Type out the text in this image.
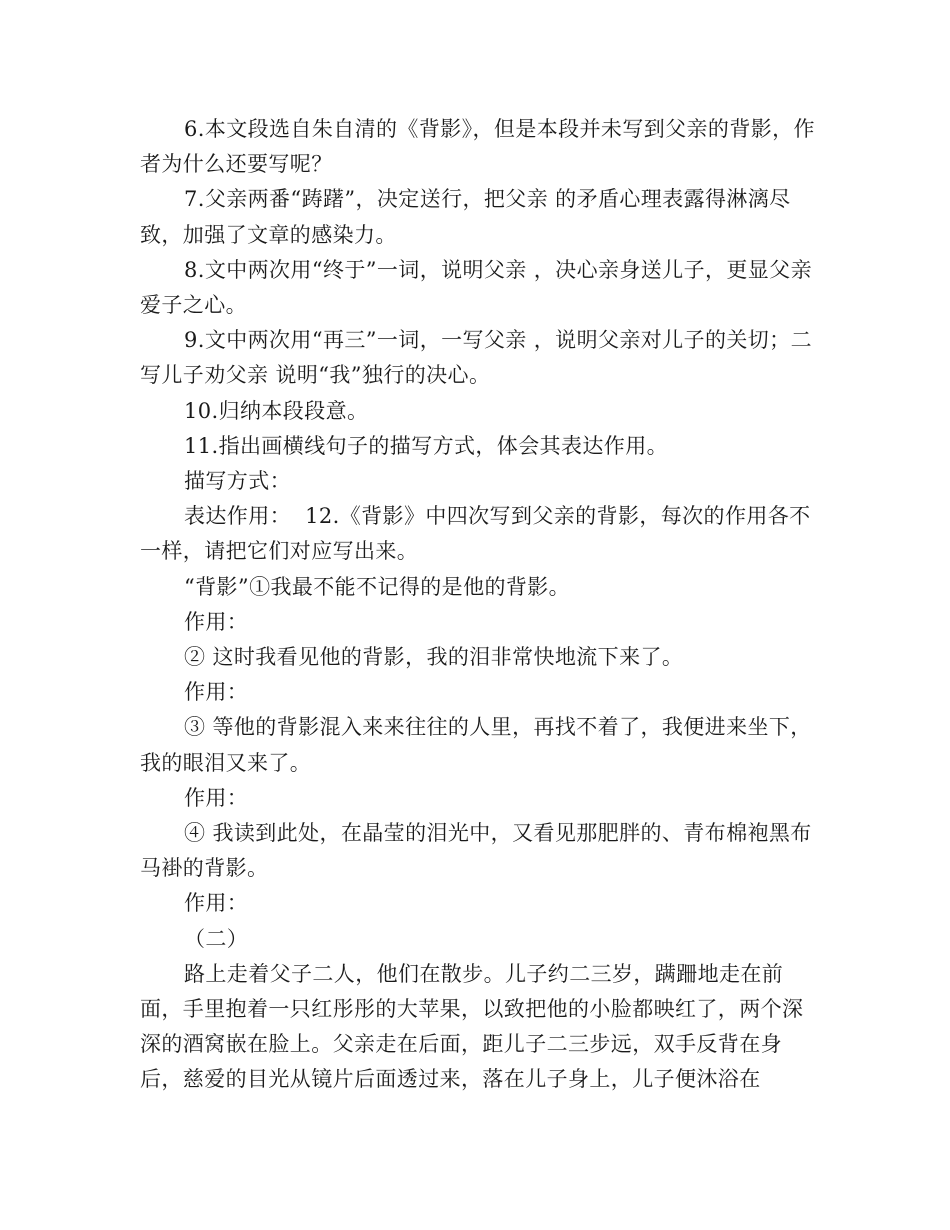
6.本文段选自朱自清的《背影》，但是本段并未写到父亲的背影，作者为什么还要写呢？

7.父亲两番“踌躇”，决定送行，把父亲 的矛盾心理表露得淋漓尽致，加强了文章的感染力。

8.文中两次用“终于”一词，说明父亲 ，决心亲身送儿子，更显父亲爱子之心。

9.文中两次用“再三”一词，一写父亲 ，说明父亲对儿子的关切；二写儿子劝父亲 说明“我”独行的决心。

10.归纳本段段意。

11.指出画横线句子的描写方式，体会其表达作用。

描写方式：

表达作用：  12.《背影》中四次写到父亲的背影，每次的作用各不一样，请把它们对应写出来。

“背影”①我最不能不记得的是他的背影。

作用：

② 这时我看见他的背影，我的泪非常快地流下来了。

作用：

③ 等他的背影混入来来往往的人里，再找不着了，我便进来坐下，我的眼泪又来了。

作用：

④ 我读到此处，在晶莹的泪光中，又看见那肥胖的、青布棉袍黑布马褂的背影。

作用：

（二）

路上走着父子二人，他们在散步。儿子约二三岁，蹒跚地走在前面，手里抱着一只红彤彤的大苹果，以致把他的小脸都映红了，两个深深的酒窝嵌在脸上。父亲走在后面，距儿子二三步远，双手反背在身后，慈爱的目光从镜片后面透过来，落在儿子身上，儿子便沐浴在
